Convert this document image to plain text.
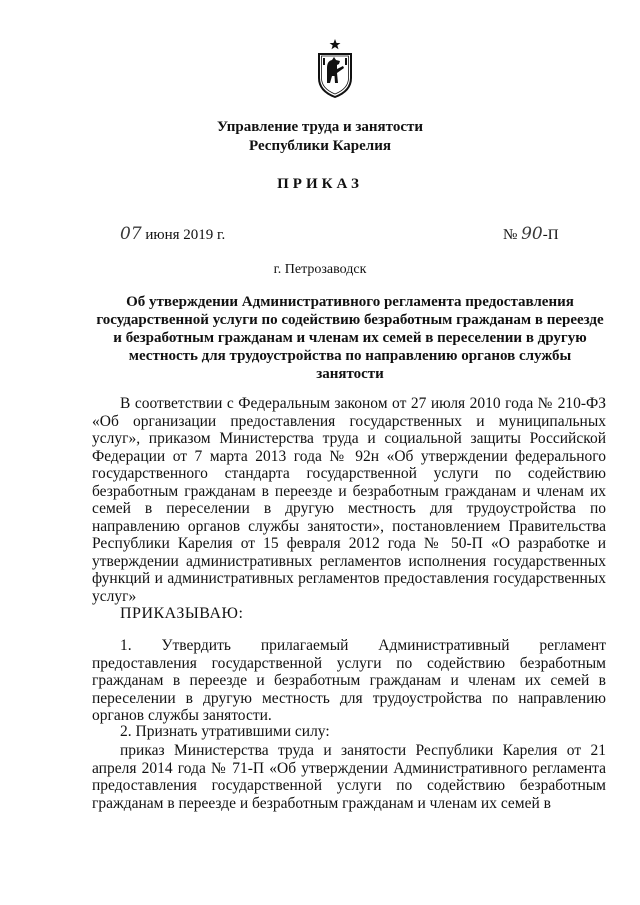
Управление труда и занятости
Республики Карелия
ПРИКАЗ
07 июня 2019 г.	№ 90-П
г. Петрозаводск
Об утверждении Административного регламента предоставления государственной услуги по содействию безработным гражданам в переезде и безработным гражданам и членам их семей в переселении в другую местность для трудоустройства по направлению органов службы занятости

В соответствии с Федеральным законом от 27 июля 2010 года № 210-ФЗ «Об организации предоставления государственных и муниципальных услуг», приказом Министерства труда и социальной защиты Российской Федерации от 7 марта 2013 года № 92н «Об утверждении федерального государственного стандарта государственной услуги по содействию безработным гражданам в переезде и безработным гражданам и членам их семей в переселении в другую местность для трудоустройства по направлению органов службы занятости», постановлением Правительства Республики Карелия от 15 февраля 2012 года № 50-П «О разработке и утверждении административных регламентов исполнения государственных функций и административных регламентов предоставления государственных услуг»

ПРИКАЗЫВАЮ:

1. Утвердить прилагаемый Административный регламент предоставления государственной услуги по содействию безработным гражданам в переезде и безработным гражданам и членам их семей в переселении в другую местность для трудоустройства по направлению органов службы занятости.

2. Признать утратившими силу:

приказ Министерства труда и занятости Республики Карелия от 21 апреля 2014 года № 71-П «Об утверждении Административного регламента предоставления государственной услуги по содействию безработным гражданам в переезде и безработным гражданам и членам их семей в
